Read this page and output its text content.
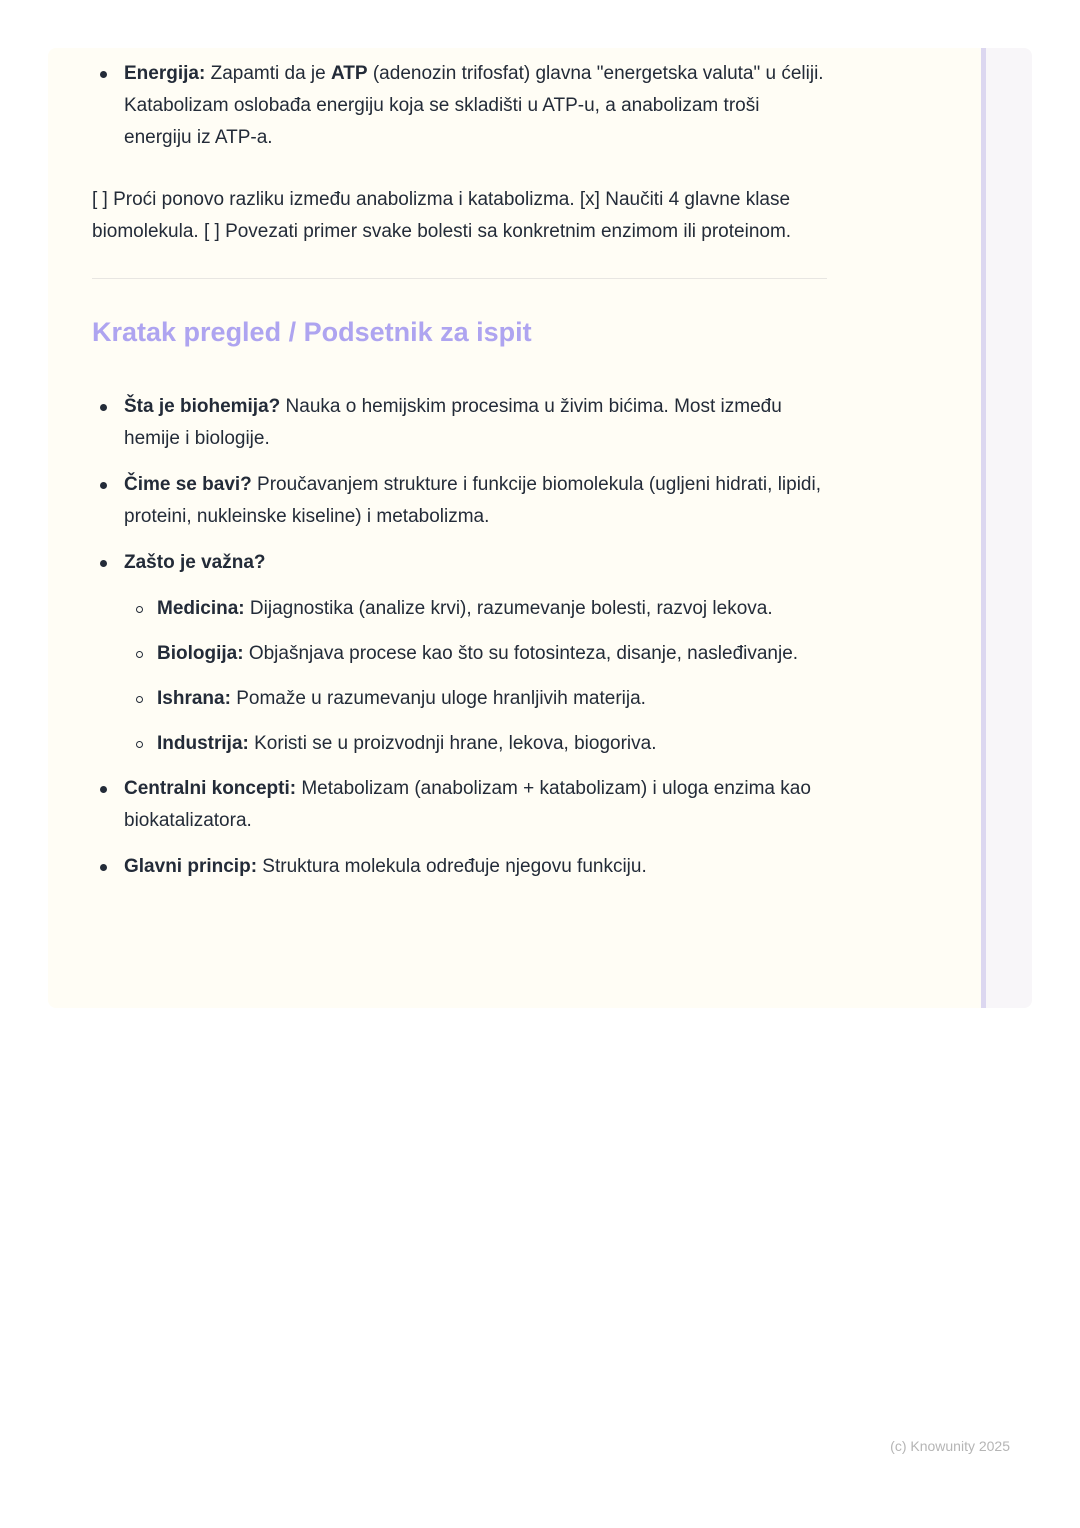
Energija: Zapamti da je ATP (adenozin trifosfat) glavna "energetska valuta" u ćeliji. Katabolizam oslobađa energiju koja se skladišti u ATP-u, a anabolizam troši energiju iz ATP-a.

[ ] Proći ponovo razliku između anabolizma i katabolizma. [x] Naučiti 4 glavne klase biomolekula. [ ] Povezati primer svake bolesti sa konkretnim enzimom ili proteinom.

Kratak pregled / Podsetnik za ispit
Šta je biohemija? Nauka o hemijskim procesima u živim bićima. Most između hemije i biologije.
Čime se bavi? Proučavanjem strukture i funkcije biomolekula (ugljeni hidrati, lipidi, proteini, nukleinske kiseline) i metabolizma.
Zašto je važna?
Medicina: Dijagnostika (analize krvi), razumevanje bolesti, razvoj lekova.
Biologija: Objašnjava procese kao što su fotosinteza, disanje, nasleđivanje.
Ishrana: Pomaže u razumevanju uloge hranljivih materija.
Industrija: Koristi se u proizvodnji hrane, lekova, biogoriva.
Centralni koncepti: Metabolizam (anabolizam + katabolizam) i uloga enzima kao biokatalizatora.
Glavni princip: Struktura molekula određuje njegovu funkciju.
(c) Knowunity 2025
